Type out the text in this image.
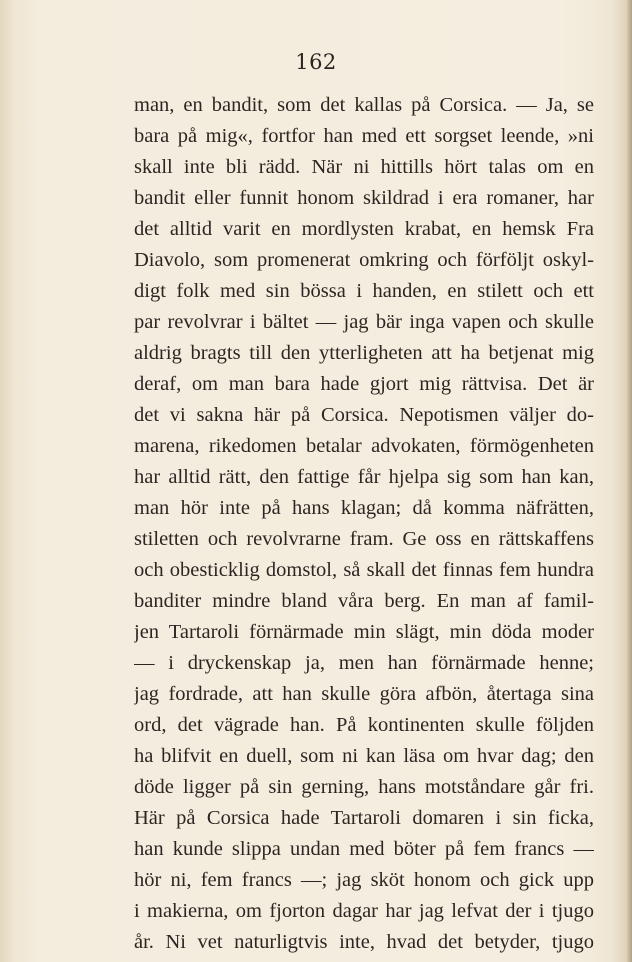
162
man, en bandit, som det kallas på Corsica. — Ja, se
bara på mig«, fortfor han med ett sorgset leende, »ni
skall inte bli rädd. När ni hittills hört talas om en
bandit eller funnit honom skildrad i era romaner, har
det alltid varit en mordlysten krabat, en hemsk Fra
Diavolo, som promenerat omkring och förföljt oskyl-
digt folk med sin bössa i handen, en stilett och ett
par revolvrar i bältet — jag bär inga vapen och skulle
aldrig bragts till den ytterligheten att ha betjenat mig
deraf, om man bara hade gjort mig rättvisa. Det är
det vi sakna här på Corsica. Nepotismen väljer do-
marena, rikedomen betalar advokaten, förmögenheten
har alltid rätt, den fattige får hjelpa sig som han kan,
man hör inte på hans klagan; då komma näfrätten,
stiletten och revolvrarne fram. Ge oss en rättskaffens
och obesticklig domstol, så skall det finnas fem hundra
banditer mindre bland våra berg. En man af famil-
jen Tartaroli förnärmade min slägt, min döda moder
— i dryckenskap ja, men han förnärmade henne;
jag fordrade, att han skulle göra afbön, återtaga sina
ord, det vägrade han. På kontinenten skulle följden
ha blifvit en duell, som ni kan läsa om hvar dag; den
döde ligger på sin gerning, hans motståndare går fri.
Här på Corsica hade Tartaroli domaren i sin ficka,
han kunde slippa undan med böter på fem francs —
hör ni, fem francs —; jag sköt honom och gick upp
i makierna, om fjorton dagar har jag lefvat der i tjugo
år. Ni vet naturligtvis inte, hvad det betyder, tjugo
